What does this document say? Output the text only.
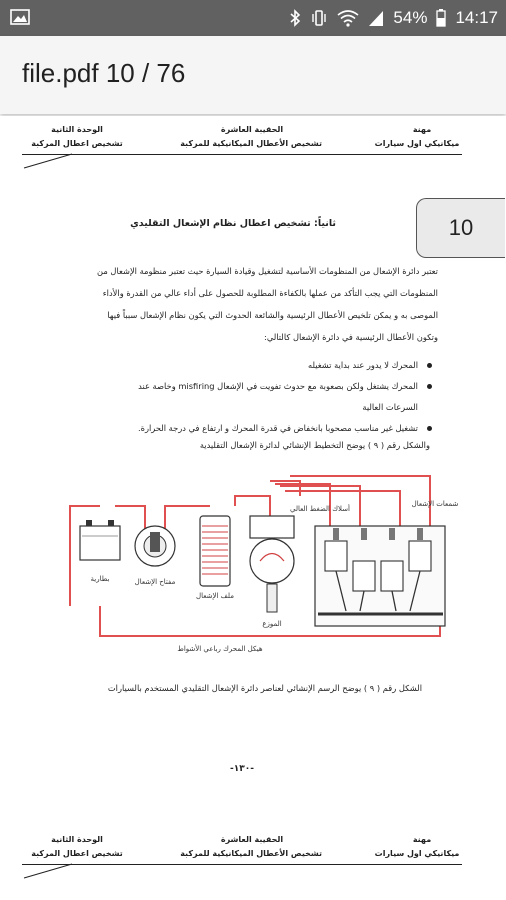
54% 14:17
file.pdf 10 / 76
مهنة
ميكانيكي اول سيارات
الحقيبة العاشرة
تشخيص الأعطال الميكانيكية للمركبة
الوحدة الثانية
تشخيص اعطال المركبة
10
ثانياً: تشخيص اعطال نظام الإشعال التقليدي
تعتبر دائرة الإشعال من المنظومات الأساسية لتشغيل وقيادة السيارة حيث تعتبر منظومة الإشعال من
المنظومات التي يجب التأكد من عملها بالكفاءة المطلوبة للحصول على أداء عالي من القدرة والأداء
الموصى به و يمكن تلخيص الأعطال الرئيسية والشائعة الحدوث التي يكون نظام الإشعال سبباً فيها
وتكون الأعطال الرئيسية في دائرة الإشعال كالتالي:
المحرك لا يدور عند بداية تشغيله
المحرك يشتغل ولكن بصعوبة مع حدوث تفويت في الإشعال misfiring وخاصة عند
السرعات العالية
تشغيل غير مناسب مصحوبا بانخفاض في قدرة المحرك و ارتفاع في درجة الحرارة.
والشكل رقم ( ٩ ) يوضح التخطيط الإنشائي لدائرة الإشعال التقليدية
بطارية	مفتاح الإشعال
ملف الإشعال
الموزع
شمعات الإشعال
أسلاك الضغط العالي
هيكل المحرك رباعي الأشواط
الشكل رقم ( ٩ ) يوضح الرسم الإنشائي لعناصر دائرة الإشعال التقليدي المستخدم بالسيارات
-١٣٠-
مهنة
ميكانيكي اول سيارات
الحقيبة العاشرة
تشخيص الأعطال الميكانيكية للمركبة
الوحدة الثانية
تشخيص اعطال المركبة
